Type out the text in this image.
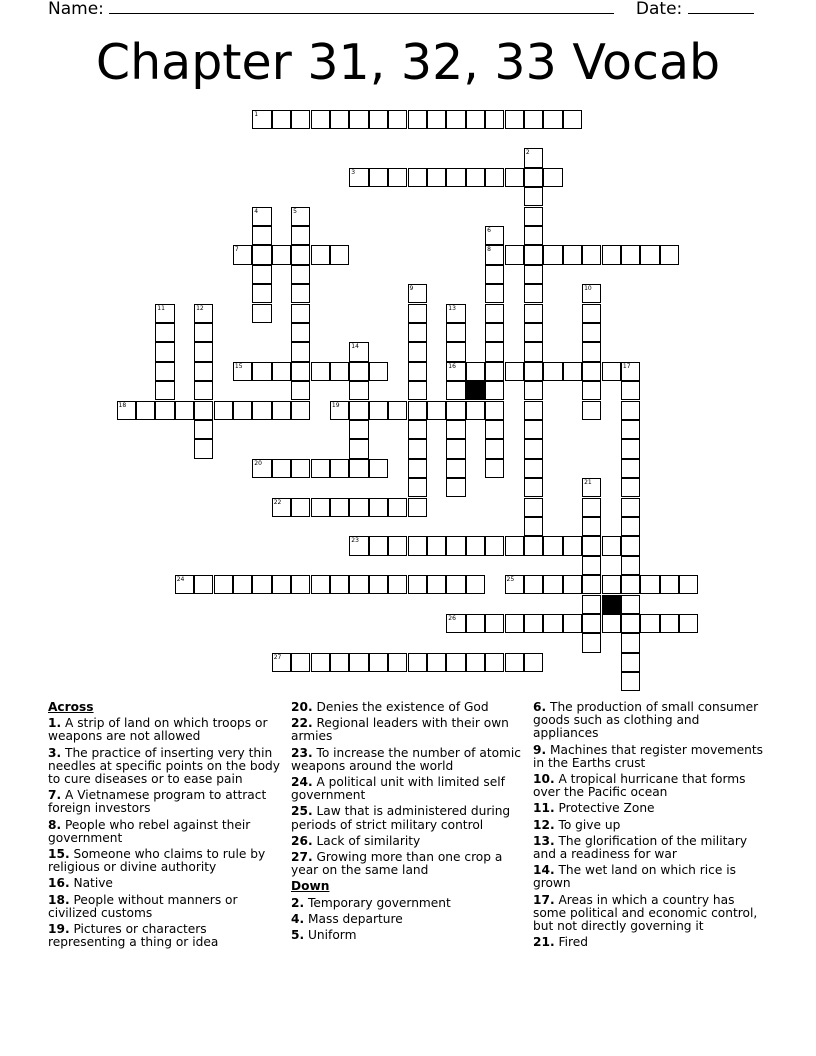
Name:	Date:
Chapter 31, 32, 33 Vocab
1
2
3
4	5
6
8
7
9	10
11	12	13
16
14
15	17
18	19
20
21
22
23
24	25
26
27
Across
1. A strip of land on which troops or weapons are not allowed
3. The practice of inserting very thin needles at specific points on the body to cure diseases or to ease pain
7. A Vietnamese program to attract foreign investors
8. People who rebel against their government
15. Someone who claims to rule by religious or divine authority
16. Native
18. People without manners or civilized customs
19. Pictures or characters representing a thing or idea
20. Denies the existence of God
22. Regional leaders with their own armies
23. To increase the number of atomic weapons around the world
24. A political unit with limited self government
25. Law that is administered during periods of strict military control
26. Lack of similarity
27. Growing more than one crop a year on the same land
Down
2. Temporary government
4. Mass departure
5. Uniform
6. The production of small consumer goods such as clothing and appliances
9. Machines that register movements in the Earths crust
10. A tropical hurricane that forms over the Pacific ocean
11. Protective Zone
12. To give up
13. The glorification of the military and a readiness for war
14. The wet land on which rice is grown
17. Areas in which a country has some political and economic control, but not directly governing it
21. Fired
